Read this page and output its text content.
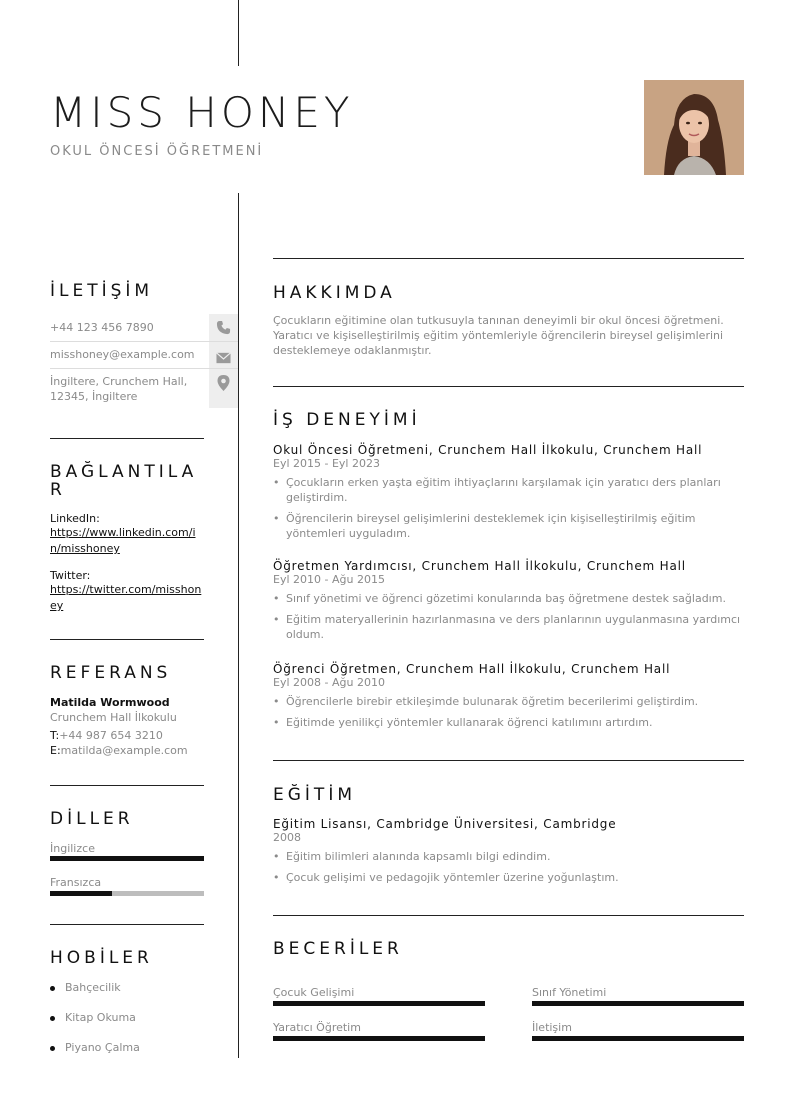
MISS HONEY
OKUL ÖNCESİ ÖĞRETMENİ
İLETİŞİM
+44 123 456 7890
misshoney@example.com
İngiltere, Crunchem Hall,
12345, İngiltere
BAĞLANTILA
R
LinkedIn:
https://www.linkedin.com/in/misshoney
Twitter:
https://twitter.com/misshoney
REFERANS
Matilda Wormwood
Crunchem Hall İlkokulu
T:+44 987 654 3210
E:matilda@example.com
DİLLER
İngilizce
Fransızca
HOBİLER
Bahçecilik
Kitap Okuma
Piyano Çalma
HAKKIMDA
Çocukların eğitimine olan tutkusuyla tanınan deneyimli bir okul öncesi öğretmeni. Yaratıcı ve kişiselleştirilmiş eğitim yöntemleriyle öğrencilerin bireysel gelişimlerini desteklemeye odaklanmıştır.
İŞ DENEYİMİ
Okul Öncesi Öğretmeni, Crunchem Hall İlkokulu, Crunchem Hall
Eyl 2015 - Eyl 2023
• Çocukların erken yaşta eğitim ihtiyaçlarını karşılamak için yaratıcı ders planları geliştirdim.
• Öğrencilerin bireysel gelişimlerini desteklemek için kişiselleştirilmiş eğitim yöntemleri uyguladım.
Öğretmen Yardımcısı, Crunchem Hall İlkokulu, Crunchem Hall
Eyl 2010 - Ağu 2015
• Sınıf yönetimi ve öğrenci gözetimi konularında baş öğretmene destek sağladım.
• Eğitim materyallerinin hazırlanmasına ve ders planlarının uygulanmasına yardımcı oldum.
Öğrenci Öğretmen, Crunchem Hall İlkokulu, Crunchem Hall
Eyl 2008 - Ağu 2010
• Öğrencilerle birebir etkileşimde bulunarak öğretim becerilerimi geliştirdim.
• Eğitimde yenilikçi yöntemler kullanarak öğrenci katılımını artırdım.
EĞİTİM
Eğitim Lisansı, Cambridge Üniversitesi, Cambridge
2008
• Eğitim bilimleri alanında kapsamlı bilgi edindim.
• Çocuk gelişimi ve pedagojik yöntemler üzerine yoğunlaştım.
BECERİLER
Çocuk Gelişimi	Sınıf Yönetimi
Yaratıcı Öğretim	İletişim
